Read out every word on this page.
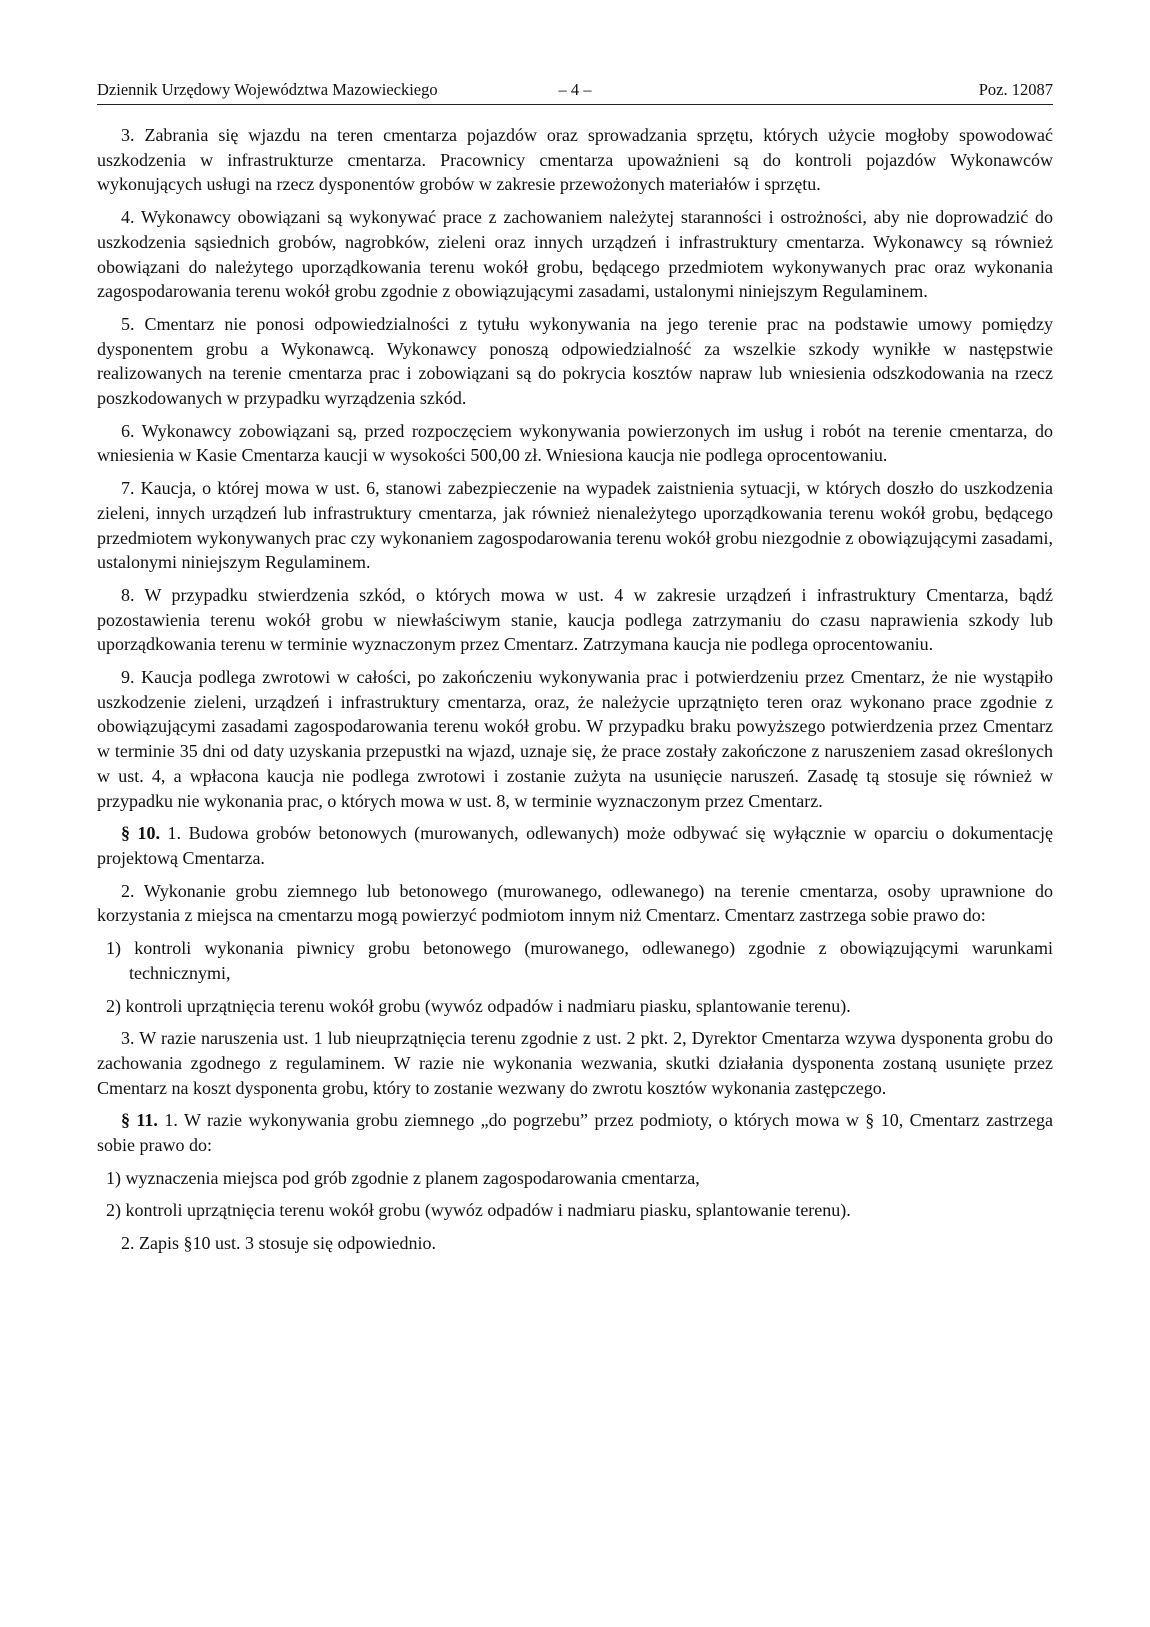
Dziennik Urzędowy Województwa Mazowieckiego	– 4 –	Poz. 12087

3. Zabrania się wjazdu na teren cmentarza pojazdów oraz sprowadzania sprzętu, których użycie mogłoby spowodować uszkodzenia w infrastrukturze cmentarza. Pracownicy cmentarza upoważnieni są do kontroli pojazdów Wykonawców wykonujących usługi na rzecz dysponentów grobów w zakresie przewożonych materiałów i sprzętu.

4. Wykonawcy obowiązani są wykonywać prace z zachowaniem należytej staranności i ostrożności, aby nie doprowadzić do uszkodzenia sąsiednich grobów, nagrobków, zieleni oraz innych urządzeń i infrastruktury cmentarza. Wykonawcy są również obowiązani do należytego uporządkowania terenu wokół grobu, będącego przedmiotem wykonywanych prac oraz wykonania zagospodarowania terenu wokół grobu zgodnie z obowiązującymi zasadami, ustalonymi niniejszym Regulaminem.

5. Cmentarz nie ponosi odpowiedzialności z tytułu wykonywania na jego terenie prac na podstawie umowy pomiędzy dysponentem grobu a Wykonawcą. Wykonawcy ponoszą odpowiedzialność za wszelkie szkody wynikłe w następstwie realizowanych na terenie cmentarza prac i zobowiązani są do pokrycia kosztów napraw lub wniesienia odszkodowania na rzecz poszkodowanych w przypadku wyrządzenia szkód.

6. Wykonawcy zobowiązani są, przed rozpoczęciem wykonywania powierzonych im usług i robót na terenie cmentarza, do wniesienia w Kasie Cmentarza kaucji w wysokości 500,00 zł. Wniesiona kaucja nie podlega oprocentowaniu.

7. Kaucja, o której mowa w ust. 6, stanowi zabezpieczenie na wypadek zaistnienia sytuacji, w których doszło do uszkodzenia zieleni, innych urządzeń lub infrastruktury cmentarza, jak również nienależytego uporządkowania terenu wokół grobu, będącego przedmiotem wykonywanych prac czy wykonaniem zagospodarowania terenu wokół grobu niezgodnie z obowiązującymi zasadami, ustalonymi niniejszym Regulaminem.

8. W przypadku stwierdzenia szkód, o których mowa w ust. 4 w zakresie urządzeń i infrastruktury Cmentarza, bądź pozostawienia terenu wokół grobu w niewłaściwym stanie, kaucja podlega zatrzymaniu do czasu naprawienia szkody lub uporządkowania terenu w terminie wyznaczonym przez Cmentarz. Zatrzymana kaucja nie podlega oprocentowaniu.

9. Kaucja podlega zwrotowi w całości, po zakończeniu wykonywania prac i potwierdzeniu przez Cmentarz, że nie wystąpiło uszkodzenie zieleni, urządzeń i infrastruktury cmentarza, oraz, że należycie uprzątnięto teren oraz wykonano prace zgodnie z obowiązującymi zasadami zagospodarowania terenu wokół grobu. W przypadku braku powyższego potwierdzenia przez Cmentarz w terminie 35 dni od daty uzyskania przepustki na wjazd, uznaje się, że prace zostały zakończone z naruszeniem zasad określonych w ust. 4, a wpłacona kaucja nie podlega zwrotowi i zostanie zużyta na usunięcie naruszeń. Zasadę tą stosuje się również w przypadku nie wykonania prac, o których mowa w ust. 8, w terminie wyznaczonym przez Cmentarz.

§ 10. 1. Budowa grobów betonowych (murowanych, odlewanych) może odbywać się wyłącznie w oparciu o dokumentację projektową Cmentarza.

2. Wykonanie grobu ziemnego lub betonowego (murowanego, odlewanego) na terenie cmentarza, osoby uprawnione do korzystania z miejsca na cmentarzu mogą powierzyć podmiotom innym niż Cmentarz. Cmentarz zastrzega sobie prawo do:

1) kontroli wykonania piwnicy grobu betonowego (murowanego, odlewanego) zgodnie z obowiązującymi warunkami technicznymi,
2) kontroli uprzątnięcia terenu wokół grobu (wywóz odpadów i nadmiaru piasku, splantowanie terenu).

3. W razie naruszenia ust. 1 lub nieuprzątnięcia terenu zgodnie z ust. 2 pkt. 2, Dyrektor Cmentarza wzywa dysponenta grobu do zachowania zgodnego z regulaminem. W razie nie wykonania wezwania, skutki działania dysponenta zostaną usunięte przez Cmentarz na koszt dysponenta grobu, który to zostanie wezwany do zwrotu kosztów wykonania zastępczego.

§ 11. 1. W razie wykonywania grobu ziemnego „do pogrzebu” przez podmioty, o których mowa w § 10, Cmentarz zastrzega sobie prawo do:

1) wyznaczenia miejsca pod grób zgodnie z planem zagospodarowania cmentarza,
2) kontroli uprzątnięcia terenu wokół grobu (wywóz odpadów i nadmiaru piasku, splantowanie terenu).

2. Zapis §10 ust. 3 stosuje się odpowiednio.
